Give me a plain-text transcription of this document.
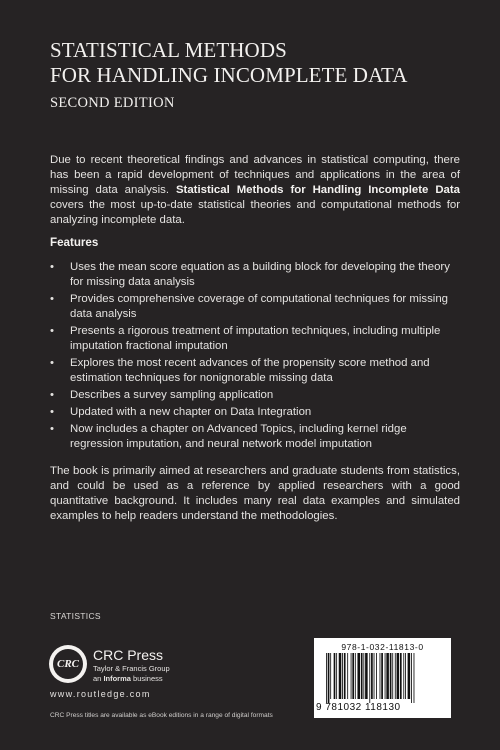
STATISTICAL METHODS
FOR HANDLING INCOMPLETE DATA
SECOND EDITION

Due to recent theoretical findings and advances in statistical computing, there has been a rapid development of techniques and applications in the area of missing data analysis. Statistical Methods for Handling Incomplete Data covers the most up-to-date statistical theories and computational methods for analyzing incomplete data.

Features
• Uses the mean score equation as a building block for developing the theory for missing data analysis
• Provides comprehensive coverage of computational techniques for missing data analysis
• Presents a rigorous treatment of imputation techniques, including multiple imputation fractional imputation
• Explores the most recent advances of the propensity score method and estimation techniques for nonignorable missing data
• Describes a survey sampling application
• Updated with a new chapter on Data Integration
• Now includes a chapter on Advanced Topics, including kernel ridge regression imputation, and neural network model imputation

The book is primarily aimed at researchers and graduate students from statistics, and could be used as a reference by applied researchers with a good quantitative background. It includes many real data examples and simulated examples to help readers understand the methodologies.

STATISTICS
CRC
CRC Press
Taylor & Francis Group
an Informa business
www.routledge.com
CRC Press titles are available as eBook editions in a range of digital formats
978-1-032-11813-0
9 781032 118130
